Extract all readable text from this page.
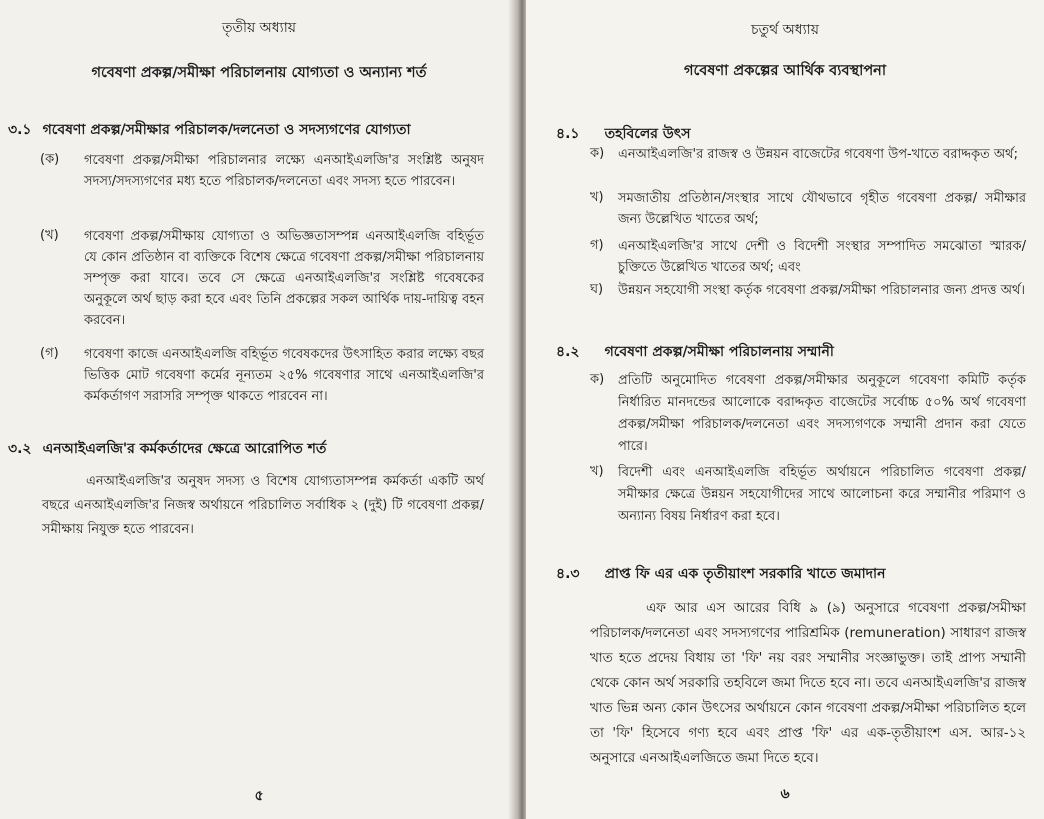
তৃতীয় অধ্যায়

গবেষণা প্রকল্প/সমীক্ষা পরিচালনায় যোগ্যতা ও অন্যান্য শর্ত

৩.১ গবেষণা প্রকল্প/সমীক্ষার পরিচালক/দলনেতা ও সদস্যগণের যোগ্যতা
(ক) গবেষণা প্রকল্প/সমীক্ষা পরিচালনার লক্ষ্যে এনআইএলজি'র সংশ্লিষ্ট অনুষদ সদস্য/সদস্যগণের মধ্য হতে পরিচালক/দলনেতা এবং সদস্য হতে পারবেন।

(খ) গবেষণা প্রকল্প/সমীক্ষায় যোগ্যতা ও অভিজ্ঞতাসম্পন্ন এনআইএলজি বহির্ভূত যে কোন প্রতিষ্ঠান বা ব্যক্তিকে বিশেষ ক্ষেত্রে গবেষণা প্রকল্প/সমীক্ষা পরিচালনায় সম্পৃক্ত করা যাবে। তবে সে ক্ষেত্রে এনআইএলজি'র সংশ্লিষ্ট গবেষকের অনুকূলে অর্থ ছাড় করা হবে এবং তিনি প্রকল্পের সকল আর্থিক দায়-দায়িত্ব বহন করবেন।

(গ) গবেষণা কাজে এনআইএলজি বহির্ভূত গবেষকদের উৎসাহিত করার লক্ষ্যে বছর ভিত্তিক মোট গবেষণা কর্মের নূন্যতম ২৫% গবেষণার সাথে এনআইএলজি'র কর্মকর্তাগণ সরাসরি সম্পৃক্ত থাকতে পারবেন না।

৩.২ এনআইএলজি'র কর্মকর্তাদের ক্ষেত্রে আরোপিত শর্ত

এনআইএলজি'র অনুষদ সদস্য ও বিশেষ যোগ্যতাসম্পন্ন কর্মকর্তা একটি অর্থ বছরে এনআইএলজি'র নিজস্ব অর্থায়নে পরিচালিত সর্বাধিক ২ (দুই) টি গবেষণা প্রকল্প/সমীক্ষায় নিযুক্ত হতে পারবেন।

৫

চতুর্থ অধ্যায়

গবেষণা প্রকল্পের আর্থিক ব্যবস্থাপনা

৪.১ তহবিলের উৎস
ক) এনআইএলজি'র রাজস্ব ও উন্নয়ন বাজেটের গবেষণা উপ-খাতে বরাদ্দকৃত অর্থ;

খ) সমজাতীয় প্রতিষ্ঠান/সংস্থার সাথে যৌথভাবে গৃহীত গবেষণা প্রকল্প/ সমীক্ষার জন্য উল্লেখিত খাতের অর্থ;

গ) এনআইএলজি'র সাথে দেশী ও বিদেশী সংস্থার সম্পাদিত সমঝোতা স্মারক/চুক্তিতে উল্লেখিত খাতের অর্থ; এবং

ঘ) উন্নয়ন সহযোগী সংস্থা কর্তৃক গবেষণা প্রকল্প/সমীক্ষা পরিচালনার জন্য প্রদত্ত অর্থ।

৪.২ গবেষণা প্রকল্প/সমীক্ষা পরিচালনায় সম্মানী
ক) প্রতিটি অনুমোদিত গবেষণা প্রকল্প/সমীক্ষার অনুকূলে গবেষণা কমিটি কর্তৃক নির্ধারিত মানদন্ডের আলোকে বরাদ্দকৃত বাজেটের সর্বোচ্চ ৫০% অর্থ গবেষণা প্রকল্প/সমীক্ষা পরিচালক/দলনেতা এবং সদস্যগণকে সম্মানী প্রদান করা যেতে পারে।

খ) বিদেশী এবং এনআইএলজি বহির্ভূত অর্থায়নে পরিচালিত গবেষণা প্রকল্প/সমীক্ষার ক্ষেত্রে উন্নয়ন সহযোগীদের সাথে আলোচনা করে সম্মানীর পরিমাণ ও অন্যান্য বিষয় নির্ধারণ করা হবে।

৪.৩ প্রাপ্ত ফি এর এক তৃতীয়াংশ সরকারি খাতে জমাদান

এফ আর এস আরের বিধি ৯ (৯) অনুসারে গবেষণা প্রকল্প/সমীক্ষা পরিচালক/দলনেতা এবং সদস্যগণের পারিশ্রমিক (remuneration) সাধারণ রাজস্ব খাত হতে প্রদেয় বিধায় তা 'ফি' নয় বরং সম্মানীর সংজ্ঞাভুক্ত। তাই প্রাপ্য সম্মানী থেকে কোন অর্থ সরকারি তহবিলে জমা দিতে হবে না। তবে এনআইএলজি'র রাজস্ব খাত ভিন্ন অন্য কোন উৎসের অর্থায়নে কোন গবেষণা প্রকল্প/সমীক্ষা পরিচালিত হলে তা 'ফি' হিসেবে গণ্য হবে এবং প্রাপ্ত 'ফি' এর এক-তৃতীয়াংশ এস. আর-১২ অনুসারে এনআইএলজিতে জমা দিতে হবে।

৬
